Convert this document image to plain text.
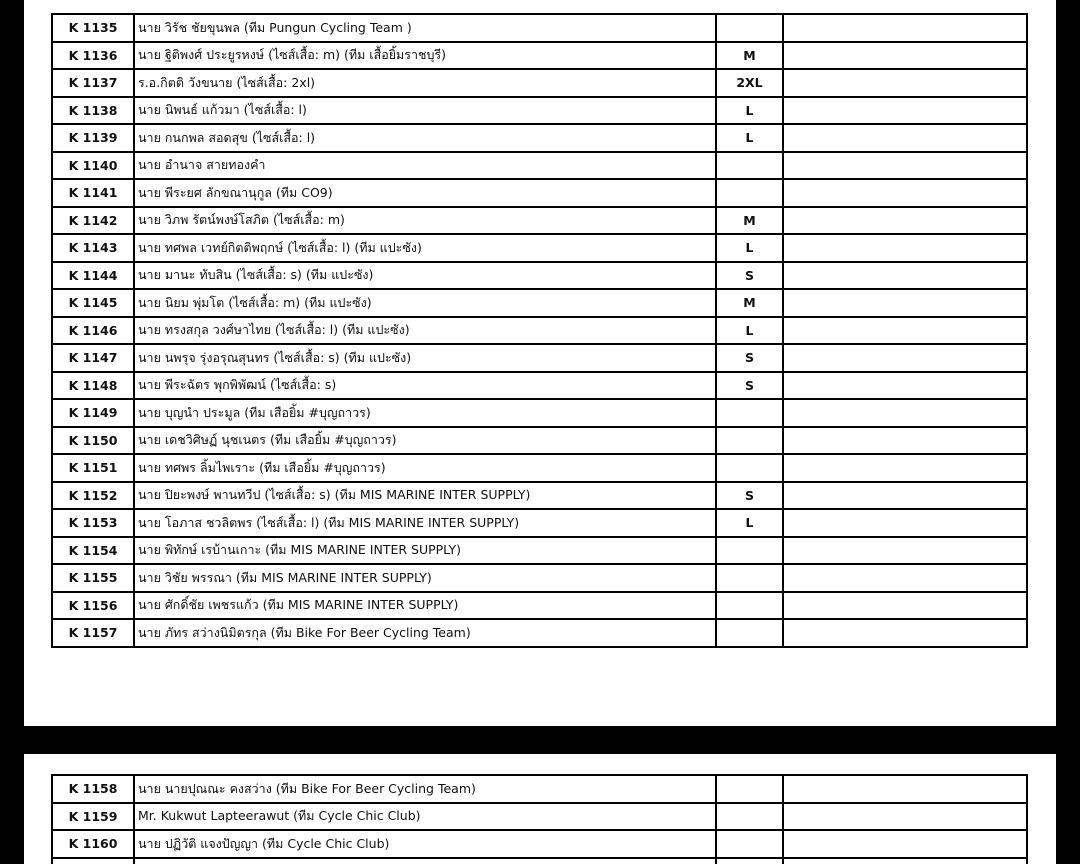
K 1135	นาย วิรัช ชัยขุนพล (ทีม Pungun Cycling Team )		
K 1136	นาย ฐิติพงศ์ ประยูรหงษ์ (ไซส์เสื้อ: m) (ทีม เสื้อยิ้มราชบุรี)	M	
K 1137	ร.อ.กิตติ วังขนาย (ไซส์เสื้อ: 2xl)	2XL	
K 1138	นาย นิพนธ์ แก้วมา (ไซส์เสื้อ: l)	L	
K 1139	นาย กนกพล สอดสุข (ไซส์เสื้อ: l)	L	
K 1140	นาย อำนาจ สายทองคำ		
K 1141	นาย พีระยศ ลักขณานุกูล (ทีม CO9)		
K 1142	นาย วิภพ รัตน์พงษ์โสภิต (ไซส์เสื้อ: m)	M	
K 1143	นาย ทศพล เวทย์กิตติพฤกษ์ (ไซส์เสื้อ: l) (ทีม แปะซัง)	L	
K 1144	นาย มานะ ทับสิน (ไซส์เสื้อ: s) (ทีม แปะซัง)	S	
K 1145	นาย นิยม พุ่มโต (ไซส์เสื้อ: m) (ทีม แปะซัง)	M	
K 1146	นาย ทรงสกุล วงศ์ษาไทย (ไซส์เสื้อ: l) (ทีม แปะซัง)	L	
K 1147	นาย นพรุจ รุ่งอรุณสุนทร (ไซส์เสื้อ: s) (ทีม แปะซัง)	S	
K 1148	นาย พีระฉัตร พุกพิพัฒน์ (ไซส์เสื้อ: s)	S	
K 1149	นาย บุญนำ ประมูล (ทีม เสือยิ้ม #บุญถาวร)		
K 1150	นาย เดชวิศิษฏ์ นุชเนตร (ทีม เสือยิ้ม #บุญถาวร)		
K 1151	นาย ทศพร ลิ้มไพเราะ (ทีม เสือยิ้ม #บุญถาวร)		
K 1152	นาย ปิยะพงษ์ พานทวีป (ไซส์เสื้อ: s) (ทีม MIS MARINE INTER SUPPLY)	S	
K 1153	นาย โอภาส ชวลิตพร (ไซส์เสื้อ: l) (ทีม MIS MARINE INTER SUPPLY)	L	
K 1154	นาย พิทักษ์ เรบ้านเกาะ (ทีม MIS MARINE INTER SUPPLY)		
K 1155	นาย วิชัย พรรณา (ทีม MIS MARINE INTER SUPPLY)		
K 1156	นาย ศักดิ์ชัย เพชรแก้ว (ทีม MIS MARINE INTER SUPPLY)		
K 1157	นาย ภัทร สว่างนิมิตรกุล (ทีม Bike For Beer Cycling Team)		
K 1158	นาย นายปุณณะ คงสว่าง (ทีม Bike For Beer Cycling Team)		
K 1159	Mr. Kukwut Lapteerawut (ทีม Cycle Chic Club)		
K 1160	นาย ปฏิวัติ แจงปัญญา (ทีม Cycle Chic Club)		
